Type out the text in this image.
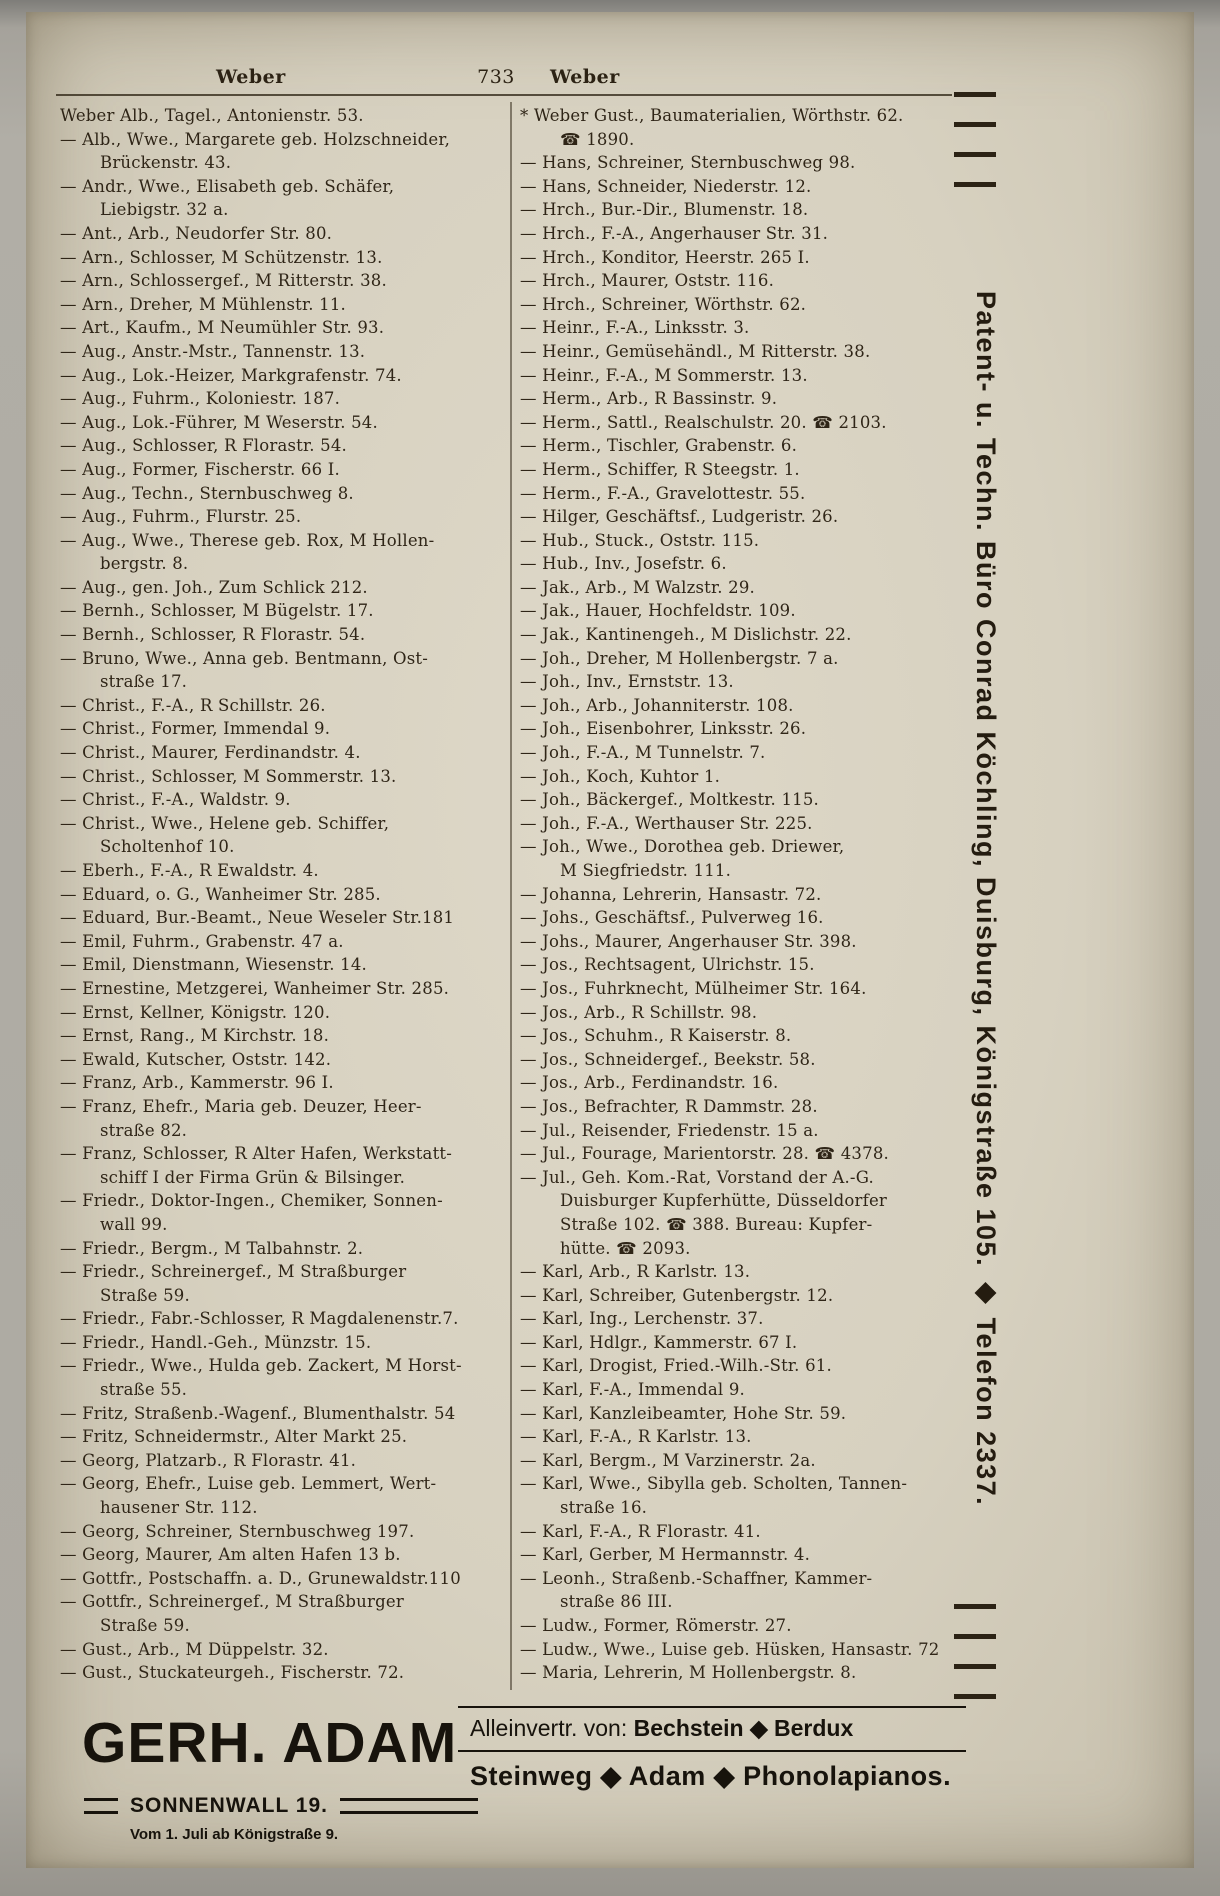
Weber	733	Weber
Weber Alb., Tagel., Antonienstr. 53.
— Alb., Wwe., Margarete geb. Holzschneider,
Brückenstr. 43.
— Andr., Wwe., Elisabeth geb. Schäfer,
Liebigstr. 32 a.
— Ant., Arb., Neudorfer Str. 80.
— Arn., Schlosser, M Schützenstr. 13.
— Arn., Schlossergef., M Ritterstr. 38.
— Arn., Dreher, M Mühlenstr. 11.
— Art., Kaufm., M Neumühler Str. 93.
— Aug., Anstr.-Mstr., Tannenstr. 13.
— Aug., Lok.-Heizer, Markgrafenstr. 74.
— Aug., Fuhrm., Koloniestr. 187.
— Aug., Lok.-Führer, M Weserstr. 54.
— Aug., Schlosser, R Florastr. 54.
— Aug., Former, Fischerstr. 66 I.
— Aug., Techn., Sternbuschweg 8.
— Aug., Fuhrm., Flurstr. 25.
— Aug., Wwe., Therese geb. Rox, M Hollen-
bergstr. 8.
— Aug., gen. Joh., Zum Schlick 212.
— Bernh., Schlosser, M Bügelstr. 17.
— Bernh., Schlosser, R Florastr. 54.
— Bruno, Wwe., Anna geb. Bentmann, Ost-
straße 17.
— Christ., F.-A., R Schillstr. 26.
— Christ., Former, Immendal 9.
— Christ., Maurer, Ferdinandstr. 4.
— Christ., Schlosser, M Sommerstr. 13.
— Christ., F.-A., Waldstr. 9.
— Christ., Wwe., Helene geb. Schiffer,
Scholtenhof 10.
— Eberh., F.-A., R Ewaldstr. 4.
— Eduard, o. G., Wanheimer Str. 285.
— Eduard, Bur.-Beamt., Neue Weseler Str.181
— Emil, Fuhrm., Grabenstr. 47 a.
— Emil, Dienstmann, Wiesenstr. 14.
— Ernestine, Metzgerei, Wanheimer Str. 285.
— Ernst, Kellner, Königstr. 120.
— Ernst, Rang., M Kirchstr. 18.
— Ewald, Kutscher, Oststr. 142.
— Franz, Arb., Kammerstr. 96 I.
— Franz, Ehefr., Maria geb. Deuzer, Heer-
straße 82.
— Franz, Schlosser, R Alter Hafen, Werkstatt-
schiff I der Firma Grün & Bilsinger.
— Friedr., Doktor-Ingen., Chemiker, Sonnen-
wall 99.
— Friedr., Bergm., M Talbahnstr. 2.
— Friedr., Schreinergef., M Straßburger
Straße 59.
— Friedr., Fabr.-Schlosser, R Magdalenenstr.7.
— Friedr., Handl.-Geh., Münzstr. 15.
— Friedr., Wwe., Hulda geb. Zackert, M Horst-
straße 55.
— Fritz, Straßenb.-Wagenf., Blumenthalstr. 54
— Fritz, Schneidermstr., Alter Markt 25.
— Georg, Platzarb., R Florastr. 41.
— Georg, Ehefr., Luise geb. Lemmert, Wert-
hausener Str. 112.
— Georg, Schreiner, Sternbuschweg 197.
— Georg, Maurer, Am alten Hafen 13 b.
— Gottfr., Postschaffn. a. D., Grunewaldstr.110
— Gottfr., Schreinergef., M Straßburger
Straße 59.
— Gust., Arb., M Düppelstr. 32.
— Gust., Stuckateurgeh., Fischerstr. 72.
* Weber Gust., Baumaterialien, Wörthstr. 62.
☎ 1890.
— Hans, Schreiner, Sternbuschweg 98.
— Hans, Schneider, Niederstr. 12.
— Hrch., Bur.-Dir., Blumenstr. 18.
— Hrch., F.-A., Angerhauser Str. 31.
— Hrch., Konditor, Heerstr. 265 I.
— Hrch., Maurer, Oststr. 116.
— Hrch., Schreiner, Wörthstr. 62.
— Heinr., F.-A., Linksstr. 3.
— Heinr., Gemüsehändl., M Ritterstr. 38.
— Heinr., F.-A., M Sommerstr. 13.
— Herm., Arb., R Bassinstr. 9.
— Herm., Sattl., Realschulstr. 20. ☎ 2103.
— Herm., Tischler, Grabenstr. 6.
— Herm., Schiffer, R Steegstr. 1.
— Herm., F.-A., Gravelottestr. 55.
— Hilger, Geschäftsf., Ludgeristr. 26.
— Hub., Stuck., Oststr. 115.
— Hub., Inv., Josefstr. 6.
— Jak., Arb., M Walzstr. 29.
— Jak., Hauer, Hochfeldstr. 109.
— Jak., Kantinengeh., M Dislichstr. 22.
— Joh., Dreher, M Hollenbergstr. 7 a.
— Joh., Inv., Ernststr. 13.
— Joh., Arb., Johanniterstr. 108.
— Joh., Eisenbohrer, Linksstr. 26.
— Joh., F.-A., M Tunnelstr. 7.
— Joh., Koch, Kuhtor 1.
— Joh., Bäckergef., Moltkestr. 115.
— Joh., F.-A., Werthauser Str. 225.
— Joh., Wwe., Dorothea geb. Driewer,
M Siegfriedstr. 111.
— Johanna, Lehrerin, Hansastr. 72.
— Johs., Geschäftsf., Pulverweg 16.
— Johs., Maurer, Angerhauser Str. 398.
— Jos., Rechtsagent, Ulrichstr. 15.
— Jos., Fuhrknecht, Mülheimer Str. 164.
— Jos., Arb., R Schillstr. 98.
— Jos., Schuhm., R Kaiserstr. 8.
— Jos., Schneidergef., Beekstr. 58.
— Jos., Arb., Ferdinandstr. 16.
— Jos., Befrachter, R Dammstr. 28.
— Jul., Reisender, Friedenstr. 15 a.
— Jul., Fourage, Marientorstr. 28. ☎ 4378.
— Jul., Geh. Kom.-Rat, Vorstand der A.-G.
Duisburger Kupferhütte, Düsseldorfer
Straße 102. ☎ 388. Bureau: Kupfer-
hütte. ☎ 2093.
— Karl, Arb., R Karlstr. 13.
— Karl, Schreiber, Gutenbergstr. 12.
— Karl, Ing., Lerchenstr. 37.
— Karl, Hdlgr., Kammerstr. 67 I.
— Karl, Drogist, Fried.-Wilh.-Str. 61.
— Karl, F.-A., Immendal 9.
— Karl, Kanzleibeamter, Hohe Str. 59.
— Karl, F.-A., R Karlstr. 13.
— Karl, Bergm., M Varzinerstr. 2a.
— Karl, Wwe., Sibylla geb. Scholten, Tannen-
straße 16.
— Karl, F.-A., R Florastr. 41.
— Karl, Gerber, M Hermannstr. 4.
— Leonh., Straßenb.-Schaffner, Kammer-
straße 86 III.
— Ludw., Former, Römerstr. 27.
— Ludw., Wwe., Luise geb. Hüsken, Hansastr. 72
— Maria, Lehrerin, M Hollenbergstr. 8.
Patent- u. Techn. Büro Conrad Köchling, Duisburg, Königstraße 105. ◆ Telefon 2337.
GERH. ADAM
SONNENWALL 19.
Vom 1. Juli ab Königstraße 9.
Alleinvertr. von: Bechstein ◆ Berdux
Steinweg ◆ Adam ◆ Phonolapianos.
